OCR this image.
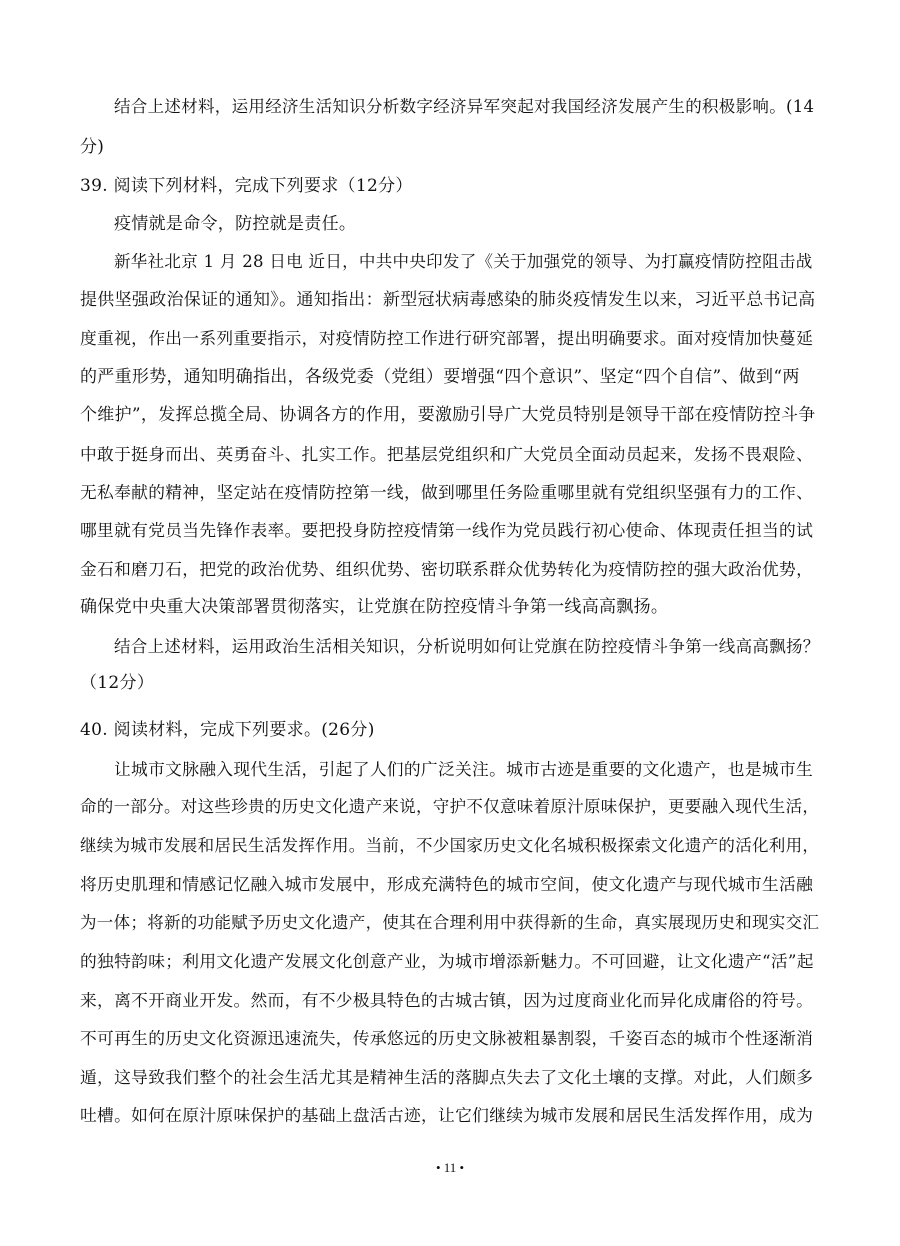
结合上述材料，运用经济生活知识分析数字经济异军突起对我国经济发展产生的积极影响。(14
分)
39. 阅读下列材料，完成下列要求（12分）
疫情就是命令，防控就是责任。
新华社北京 1 月 28 日电 近日，中共中央印发了《关于加强党的领导、为打赢疫情防控阻击战
提供坚强政治保证的通知》。通知指出：新型冠状病毒感染的肺炎疫情发生以来，习近平总书记高
度重视，作出一系列重要指示，对疫情防控工作进行研究部署，提出明确要求。面对疫情加快蔓延
的严重形势，通知明确指出，各级党委（党组）要增强“四个意识”、坚定“四个自信”、做到“两
个维护”，发挥总揽全局、协调各方的作用，要激励引导广大党员特别是领导干部在疫情防控斗争
中敢于挺身而出、英勇奋斗、扎实工作。把基层党组织和广大党员全面动员起来，发扬不畏艰险、
无私奉献的精神，坚定站在疫情防控第一线，做到哪里任务险重哪里就有党组织坚强有力的工作、
哪里就有党员当先锋作表率。要把投身防控疫情第一线作为党员践行初心使命、体现责任担当的试
金石和磨刀石，把党的政治优势、组织优势、密切联系群众优势转化为疫情防控的强大政治优势，
确保党中央重大决策部署贯彻落实，让党旗在防控疫情斗争第一线高高飘扬。
结合上述材料，运用政治生活相关知识，分析说明如何让党旗在防控疫情斗争第一线高高飘扬？
（12分）
40. 阅读材料，完成下列要求。(26分)
让城市文脉融入现代生活，引起了人们的广泛关注。城市古迹是重要的文化遗产，也是城市生
命的一部分。对这些珍贵的历史文化遗产来说，守护不仅意味着原汁原味保护，更要融入现代生活，
继续为城市发展和居民生活发挥作用。当前，不少国家历史文化名城积极探索文化遗产的活化利用，
将历史肌理和情感记忆融入城市发展中，形成充满特色的城市空间，使文化遗产与现代城市生活融
为一体；将新的功能赋予历史文化遗产，使其在合理利用中获得新的生命，真实展现历史和现实交汇
的独特韵味；利用文化遗产发展文化创意产业，为城市增添新魅力。不可回避，让文化遗产“活”起
来，离不开商业开发。然而，有不少极具特色的古城古镇，因为过度商业化而异化成庸俗的符号。
不可再生的历史文化资源迅速流失，传承悠远的历史文脉被粗暴割裂，千姿百态的城市个性逐渐消
遁，这导致我们整个的社会生活尤其是精神生活的落脚点失去了文化土壤的支撑。对此，人们颇多
吐槽。如何在原汁原味保护的基础上盘活古迹，让它们继续为城市发展和居民生活发挥作用，成为
• 11 •
